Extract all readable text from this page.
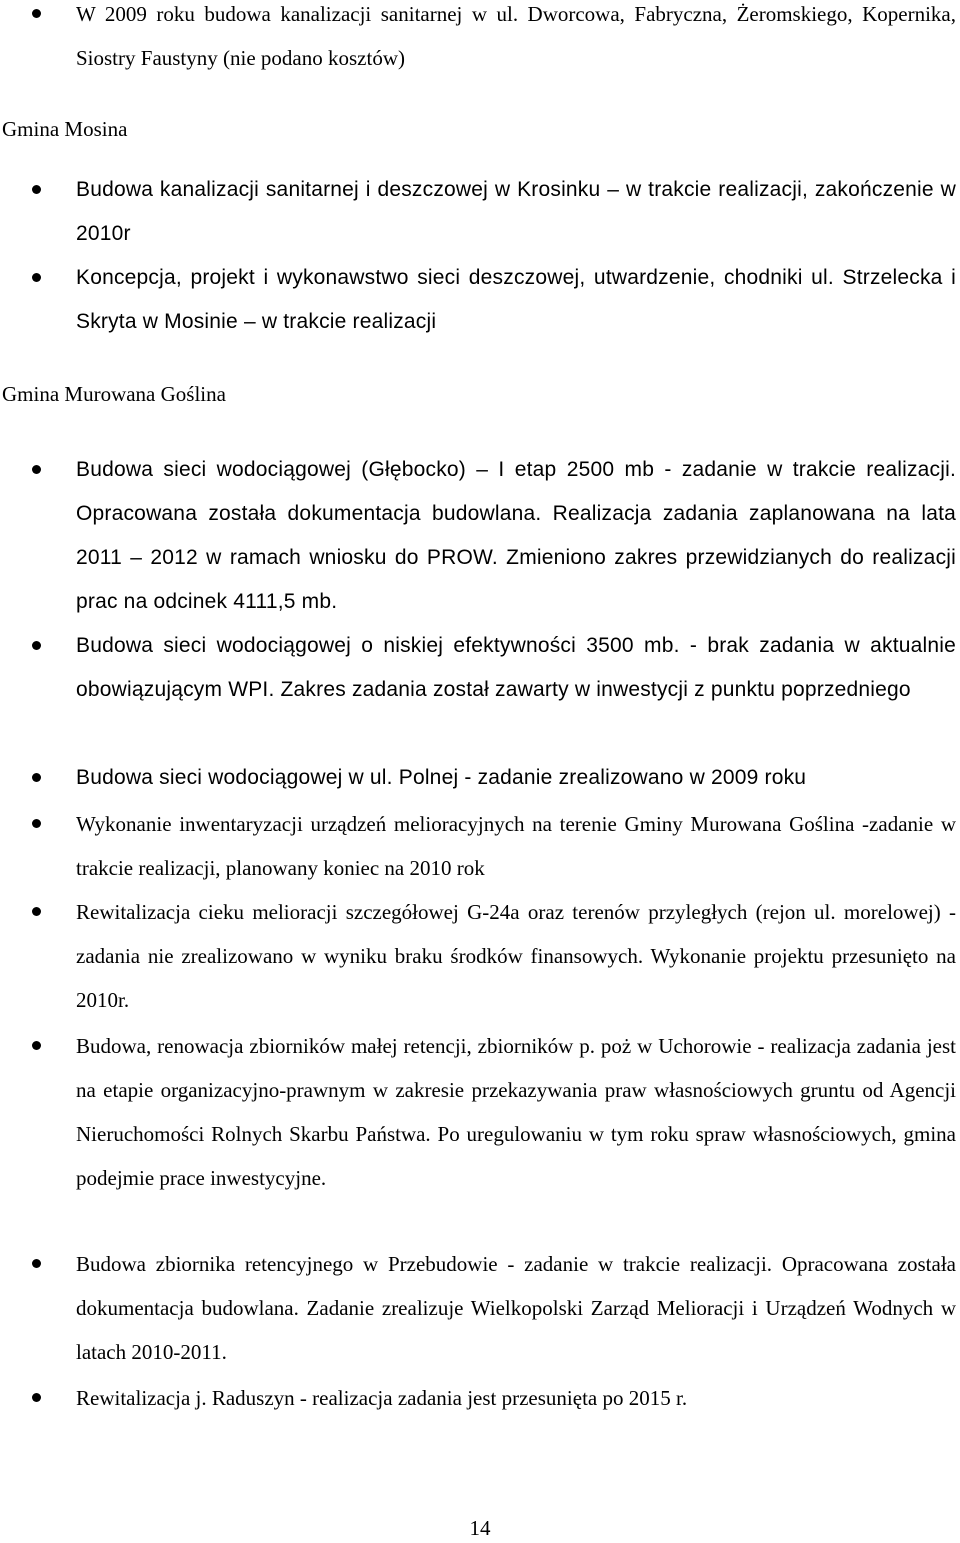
W 2009 roku budowa kanalizacji sanitarnej w ul. Dworcowa, Fabryczna, Żeromskiego, Kopernika, Siostry Faustyny (nie podano kosztów)
Gmina Mosina
Budowa kanalizacji sanitarnej i deszczowej w Krosinku – w trakcie realizacji, zakończenie w 2010r
Koncepcja, projekt i wykonawstwo sieci deszczowej, utwardzenie, chodniki ul. Strzelecka i Skryta w Mosinie – w trakcie realizacji
Gmina Murowana Goślina
Budowa sieci wodociągowej (Głębocko) – I etap 2500 mb - zadanie w trakcie realizacji. Opracowana została dokumentacja budowlana. Realizacja zadania zaplanowana na lata 2011 – 2012 w ramach wniosku do PROW. Zmieniono zakres przewidzianych do realizacji prac na odcinek 4111,5 mb.
Budowa sieci wodociągowej o niskiej efektywności 3500 mb. - brak zadania w aktualnie obowiązującym WPI. Zakres zadania został zawarty w inwestycji z punktu poprzedniego
Budowa sieci wodociągowej w ul. Polnej - zadanie zrealizowano w 2009 roku
Wykonanie inwentaryzacji urządzeń melioracyjnych na terenie Gminy Murowana Goślina -zadanie w trakcie realizacji, planowany koniec na 2010 rok
Rewitalizacja cieku melioracji szczegółowej G-24a oraz terenów przyległych (rejon ul. morelowej) - zadania nie zrealizowano w wyniku braku środków finansowych. Wykonanie projektu przesunięto na 2010r.
Budowa, renowacja zbiorników małej retencji, zbiorników p. poż w Uchorowie - realizacja zadania jest na etapie organizacyjno-prawnym w zakresie przekazywania praw własnościowych gruntu od Agencji Nieruchomości Rolnych Skarbu Państwa. Po uregulowaniu w tym roku spraw własnościowych, gmina podejmie prace inwestycyjne.
Budowa zbiornika retencyjnego w Przebudowie - zadanie w trakcie realizacji. Opracowana została dokumentacja budowlana. Zadanie zrealizuje Wielkopolski Zarząd Melioracji i Urządzeń Wodnych w latach 2010-2011.
Rewitalizacja j. Raduszyn - realizacja zadania jest przesunięta po 2015 r.
14
